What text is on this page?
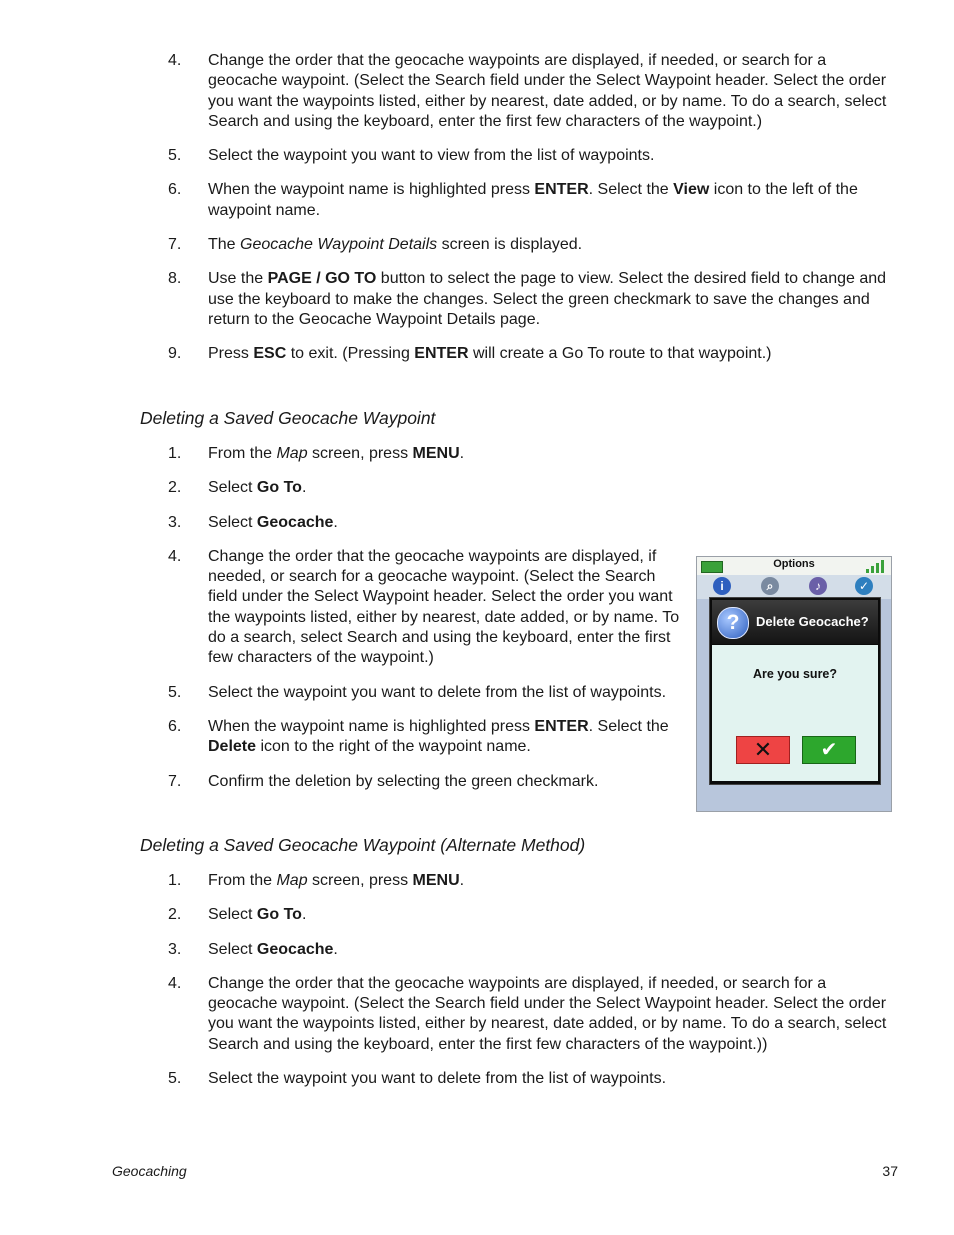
4. Change the order that the geocache waypoints are displayed, if needed, or search for a geocache waypoint. (Select the Search field under the Select Waypoint header. Select the order you want the waypoints listed, either by nearest, date added, or by name. To do a search, select Search and using the keyboard, enter the first few characters of the waypoint.)
5. Select the waypoint you want to view from the list of waypoints.
6. When the waypoint name is highlighted press ENTER. Select the View icon to the left of the waypoint name.
7. The Geocache Waypoint Details screen is displayed.
8. Use the PAGE / GO TO button to select the page to view. Select the desired field to change and use the keyboard to make the changes. Select the green checkmark to save the changes and return to the Geocache Waypoint Details page.
9. Press ESC to exit. (Pressing ENTER will create a Go To route to that waypoint.)
Deleting a Saved Geocache Waypoint
1. From the Map screen, press MENU.
2. Select Go To.
3. Select Geocache.
4. Change the order that the geocache waypoints are displayed, if needed, or search for a geocache waypoint. (Select the Search field under the Select Waypoint header. Select the order you want the waypoints listed, either by nearest, date added, or by name. To do a search, select Search and using the keyboard, enter the first few characters of the waypoint.)
5. Select the waypoint you want to delete from the list of waypoints.
6. When the waypoint name is highlighted press ENTER. Select the Delete icon to the right of the waypoint name.
7. Confirm the deletion by selecting the green checkmark.
Options
i	⌕	♪	✓
?	Delete Geocache?
Are you sure?
✕	✔
Deleting a Saved Geocache Waypoint (Alternate Method)
1. From the Map screen, press MENU.
2. Select Go To.
3. Select Geocache.
4. Change the order that the geocache waypoints are displayed, if needed, or search for a geocache waypoint. (Select the Search field under the Select Waypoint header. Select the order you want the waypoints listed, either by nearest, date added, or by name. To do a search, select Search and using the keyboard, enter the first few characters of the waypoint.))
5. Select the waypoint you want to delete from the list of waypoints.
Geocaching	37
